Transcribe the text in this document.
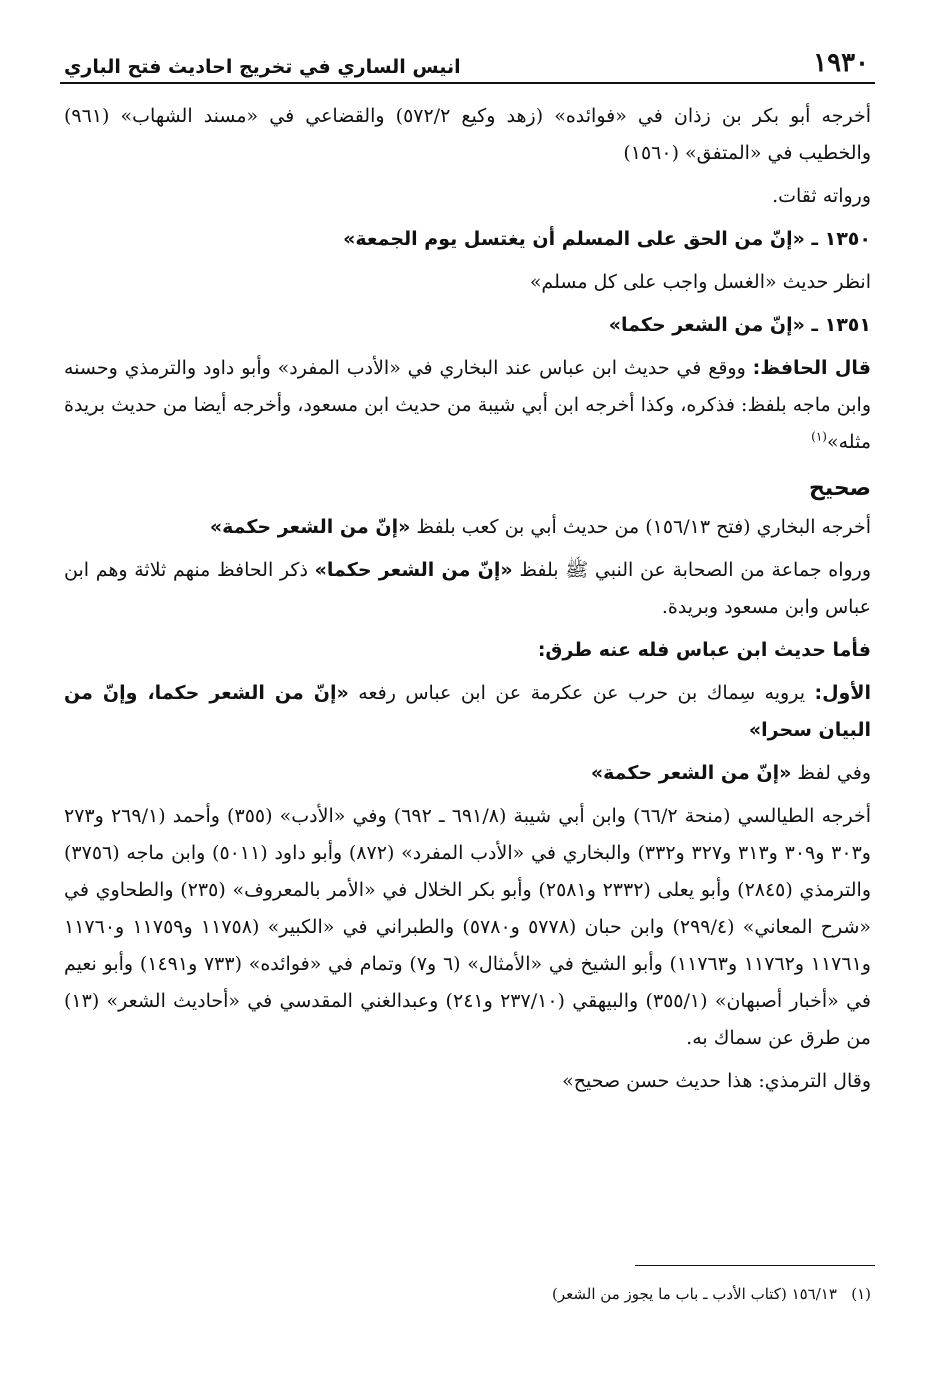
١٩٣٠
انيس الساري في تخريج احاديث فتح الباري

أخرجه أبو بكر بن زذان في «فوائده» (زهد وكيع ٥٧٢/٢) والقضاعي في «مسند الشهاب» (٩٦١) والخطيب في «المتفق» (١٥٦٠)

ورواته ثقات.

١٣٥٠ ـ «إنّ من الحق على المسلم أن يغتسل يوم الجمعة»

انظر حديث «الغسل واجب على كل مسلم»

١٣٥١ ـ «إنّ من الشعر حكما»

قال الحافظ: ووقع في حديث ابن عباس عند البخاري في «الأدب المفرد» وأبو داود والترمذي وحسنه وابن ماجه بلفظ: فذكره، وكذا أخرجه ابن أبي شيبة من حديث ابن مسعود، وأخرجه أيضا من حديث بريدة مثله»$^{(١)}$

صحيح

أخرجه البخاري (فتح ١٥٦/١٣) من حديث أبي بن كعب بلفظ «إنّ من الشعر حكمة»

ورواه جماعة من الصحابة عن النبي ﷺ بلفظ «إنّ من الشعر حكما» ذكر الحافظ منهم ثلاثة وهم ابن عباس وابن مسعود وبريدة.

فأما حديث ابن عباس فله عنه طرق:

الأول: يرويه سِماك بن حرب عن عكرمة عن ابن عباس رفعه «إنّ من الشعر حكما، وإنّ من البيان سحرا»

وفي لفظ «إنّ من الشعر حكمة»

أخرجه الطيالسي (منحة ٦٦/٢) وابن أبي شيبة (٦٩١/٨ ـ ٦٩٢) وفي «الأدب» (٣٥٥) وأحمد (٢٦٩/١ و٢٧٣ و٣٠٣ و٣٠٩ و٣١٣ و٣٢٧ و٣٣٢) والبخاري في «الأدب المفرد» (٨٧٢) وأبو داود (٥٠١١) وابن ماجه (٣٧٥٦) والترمذي (٢٨٤٥) وأبو يعلى (٢٣٣٢ و٢٥٨١) وأبو بكر الخلال في «الأمر بالمعروف» (٢٣٥) والطحاوي في «شرح المعاني» (٢٩٩/٤) وابن حبان (٥٧٧٨ و٥٧٨٠) والطبراني في «الكبير» (١١٧٥٨ و١١٧٥٩ و١١٧٦٠ و١١٧٦١ و١١٧٦٢ و١١٧٦٣) وأبو الشيخ في «الأمثال» (٦ و٧) وتمام في «فوائده» (٧٣٣ و١٤٩١) وأبو نعيم في «أخبار أصبهان» (٣٥٥/١) والبيهقي (٢٣٧/١٠ و٢٤١) وعبدالغني المقدسي في «أحاديث الشعر» (١٣) من طرق عن سماك به.

وقال الترمذي: هذا حديث حسن صحيح»

(١)   ١٥٦/١٣ (كتاب الأدب ـ باب ما يجوز من الشعر)
